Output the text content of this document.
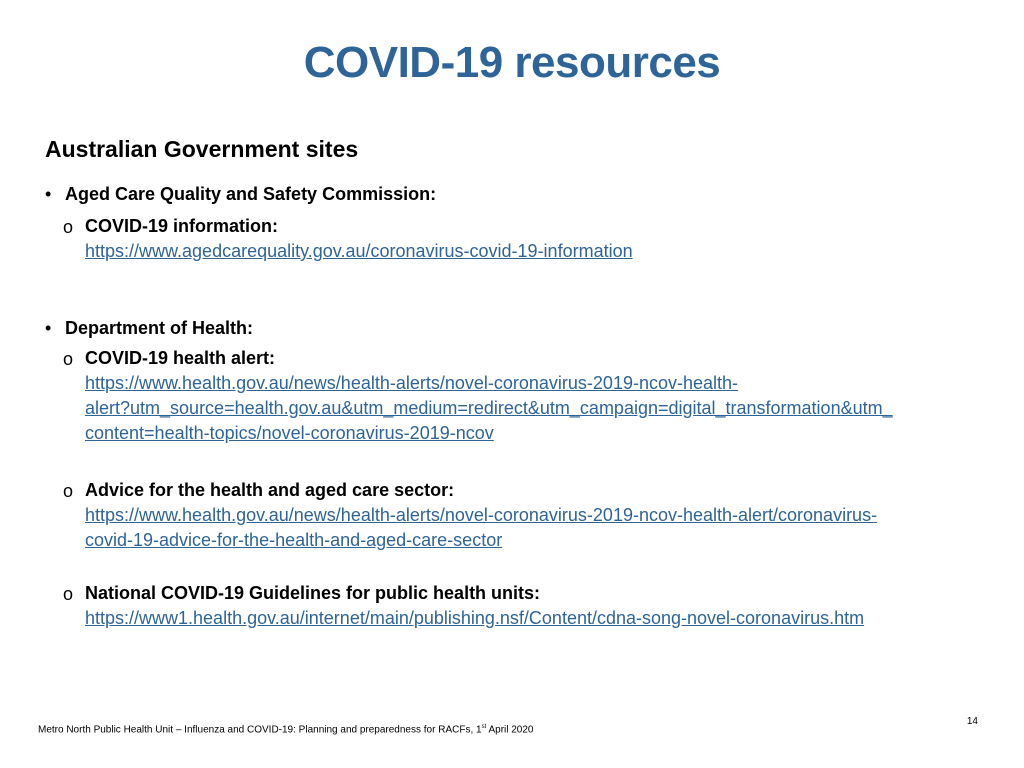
COVID-19 resources
Australian Government sites
• Aged Care Quality and Safety Commission:
o COVID-19 information:
https://www.agedcarequality.gov.au/coronavirus-covid-19-information
• Department of Health:
o COVID-19 health alert:
https://www.health.gov.au/news/health-alerts/novel-coronavirus-2019-ncov-health-
alert?utm_source=health.gov.au&utm_medium=redirect&utm_campaign=digital_transformation&utm_
content=health-topics/novel-coronavirus-2019-ncov
o Advice for the health and aged care sector:
https://www.health.gov.au/news/health-alerts/novel-coronavirus-2019-ncov-health-alert/coronavirus-
covid-19-advice-for-the-health-and-aged-care-sector
o National COVID-19 Guidelines for public health units:
https://www1.health.gov.au/internet/main/publishing.nsf/Content/cdna-song-novel-coronavirus.htm
Metro North Public Health Unit – Influenza and COVID-19: Planning and preparedness for RACFs, 1st April 2020
14
